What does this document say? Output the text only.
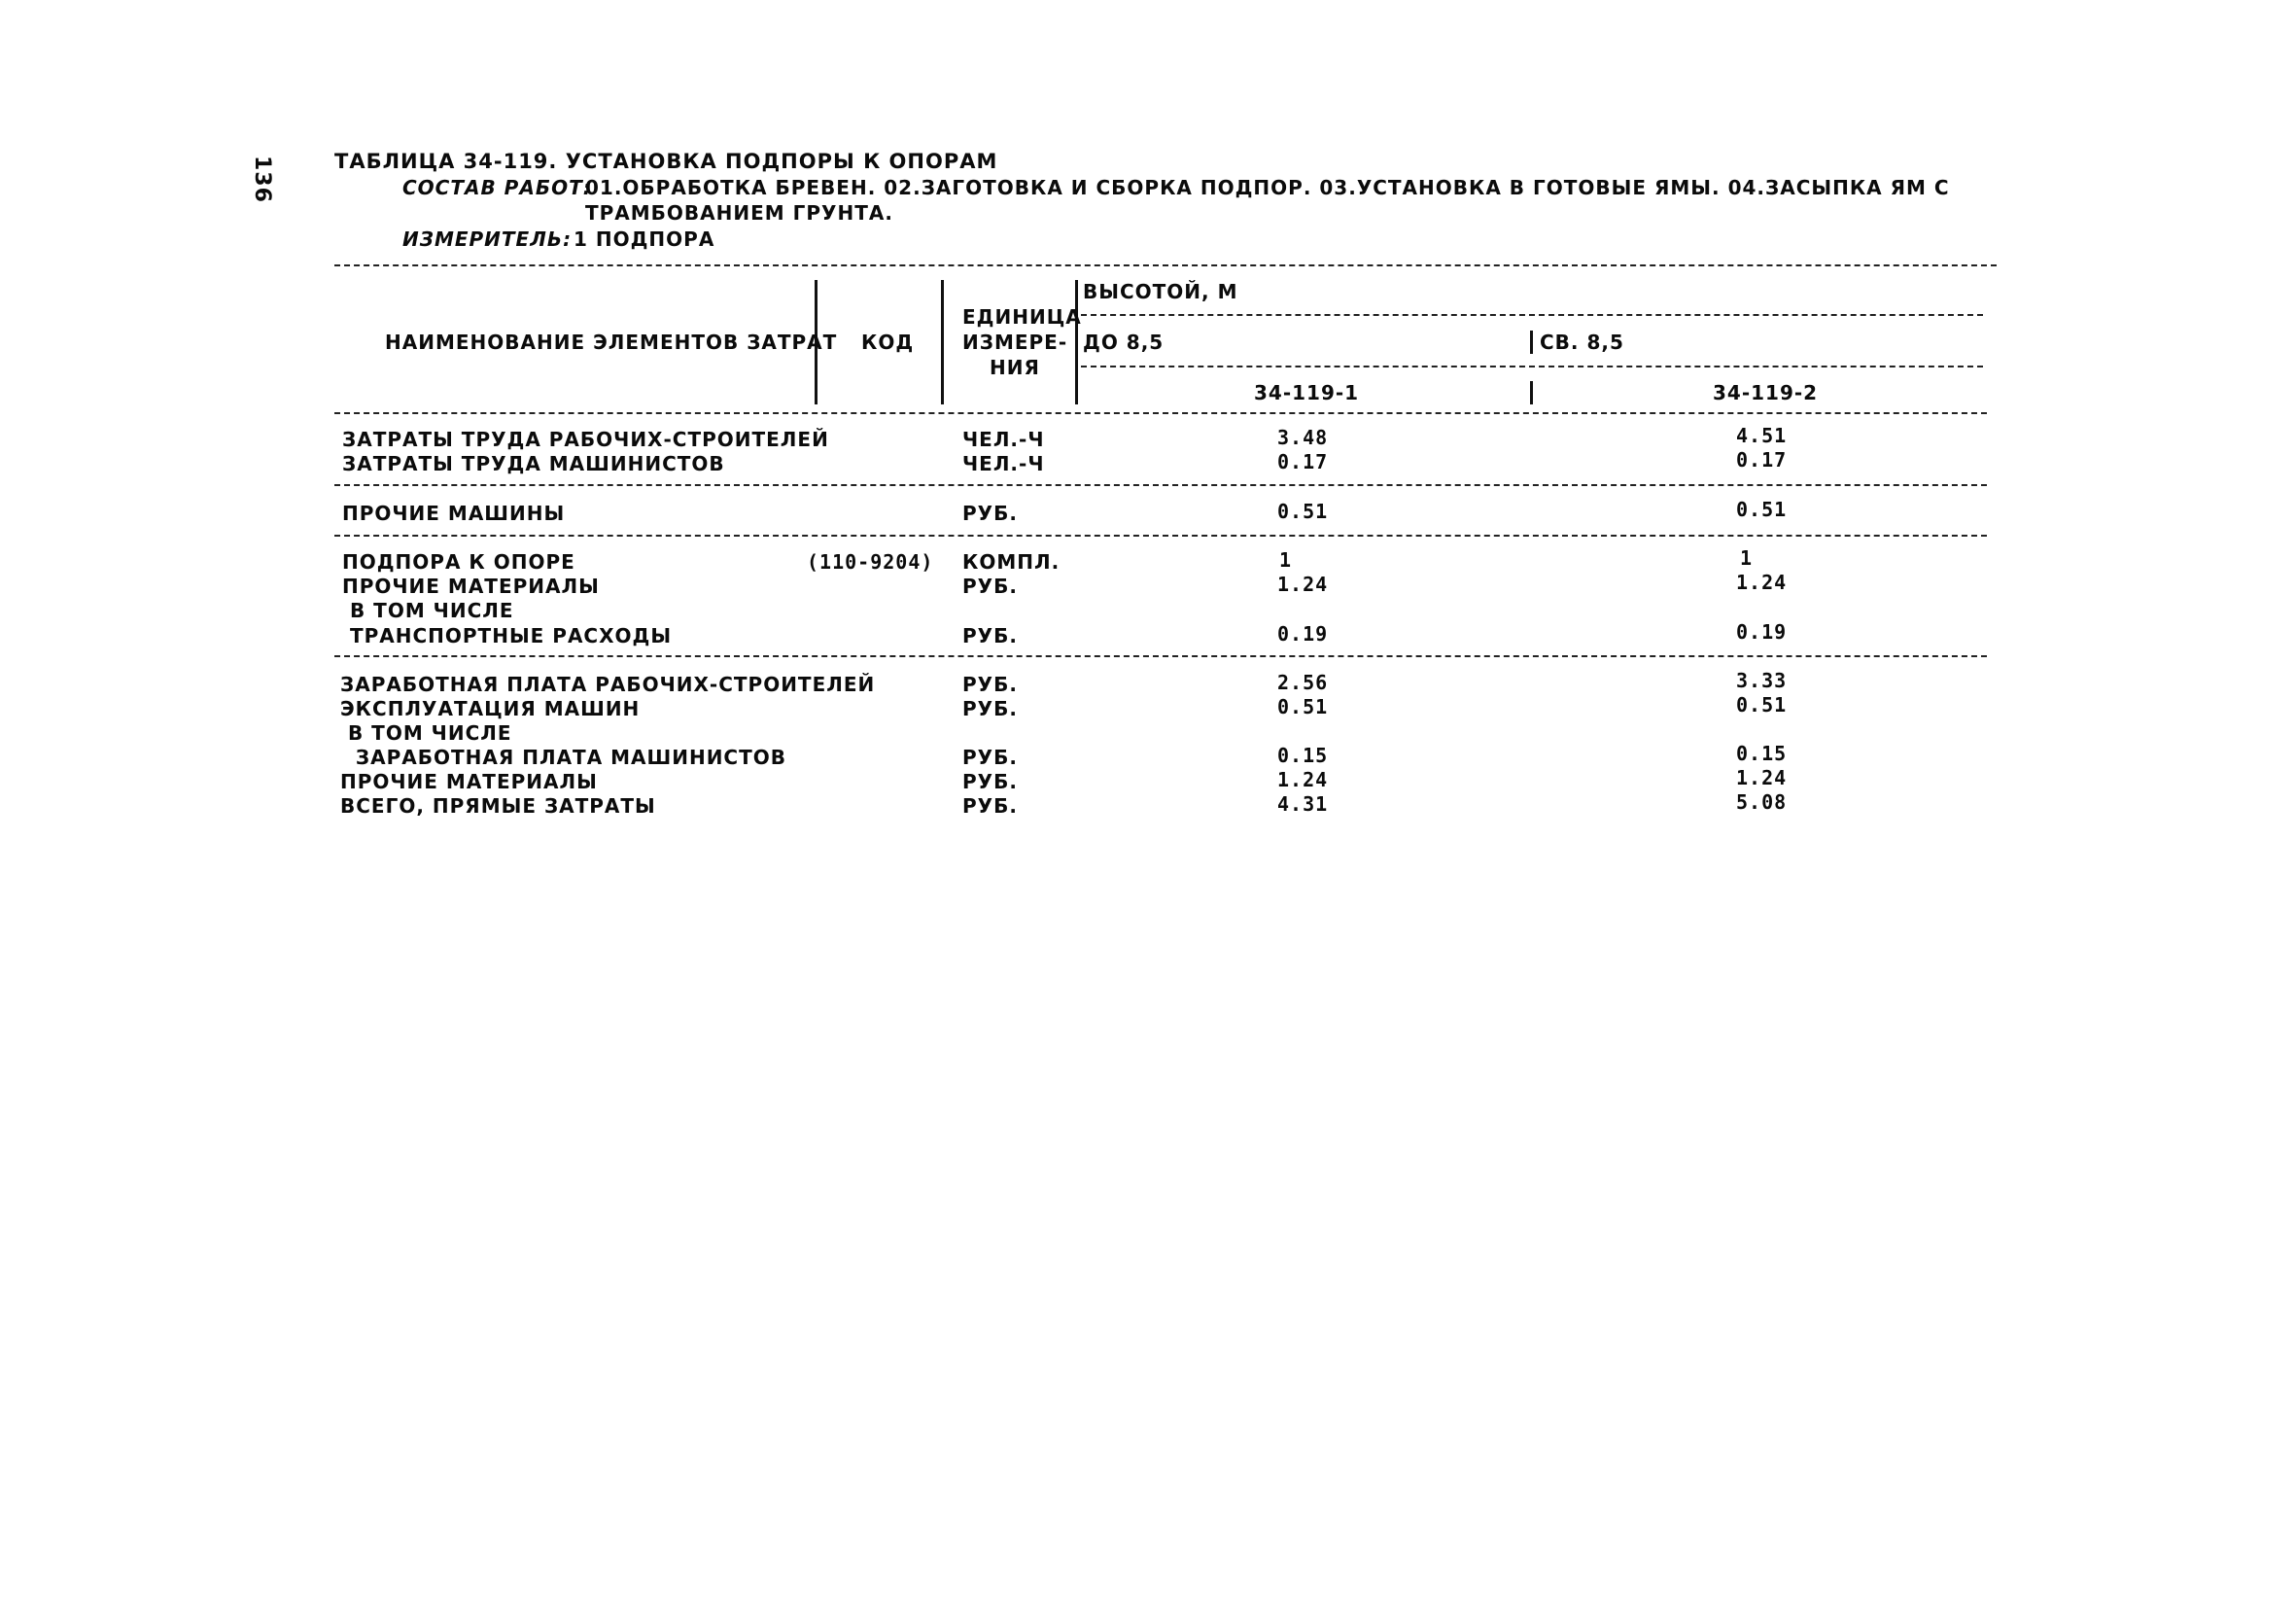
136	ТАБЛИЦА 34-119. УСТАНОВКА ПОДПОРЫ К ОПОРАМ
СОСТАВ РАБОТ:
01.ОБРАБОТКА БРЕВЕН. 02.ЗАГОТОВКА И СБОРКА ПОДПОР. 03.УСТАНОВКА В ГОТОВЫЕ ЯМЫ. 04.ЗАСЫПКА ЯМ С
ТРАМБОВАНИЕМ ГРУНТА.
ИЗМЕРИТЕЛЬ: 1 ПОДПОРА
НАИМЕНОВАНИЕ ЭЛЕМЕНТОВ ЗАТРАТ КОД
ЕДИНИЦА
ИЗМЕРЕ-
НИЯ
ВЫСОТОЙ, М
ДО 8,5	СВ. 8,5
34-119-1	34-119-2
ЗАТРАТЫ ТРУДА РАБОЧИХ-СТРОИТЕЛЕЙ	ЧЕЛ.-Ч	3.48	4.51
ЗАТРАТЫ ТРУДА МАШИНИСТОВ	ЧЕЛ.-Ч	0.17	0.17
ПРОЧИЕ МАШИНЫ	РУБ.	0.51	0.51
ПОДПОРА К ОПОРЕ	(110-9204) КОМПЛ.	1	1
ПРОЧИЕ МАТЕРИАЛЫ	РУБ.	1.24	1.24
В ТОМ ЧИСЛЕ
ТРАНСПОРТНЫЕ РАСХОДЫ	РУБ.	0.19	0.19
ЗАРАБОТНАЯ ПЛАТА РАБОЧИХ-СТРОИТЕЛЕЙ	РУБ.	2.56	3.33
ЭКСПЛУАТАЦИЯ МАШИН	РУБ.	0.51	0.51
В ТОМ ЧИСЛЕ
ЗАРАБОТНАЯ ПЛАТА МАШИНИСТОВ	РУБ.	0.15	0.15
ПРОЧИЕ МАТЕРИАЛЫ	РУБ.	1.24	1.24
ВСЕГО, ПРЯМЫЕ ЗАТРАТЫ	РУБ.	4.31	5.08
